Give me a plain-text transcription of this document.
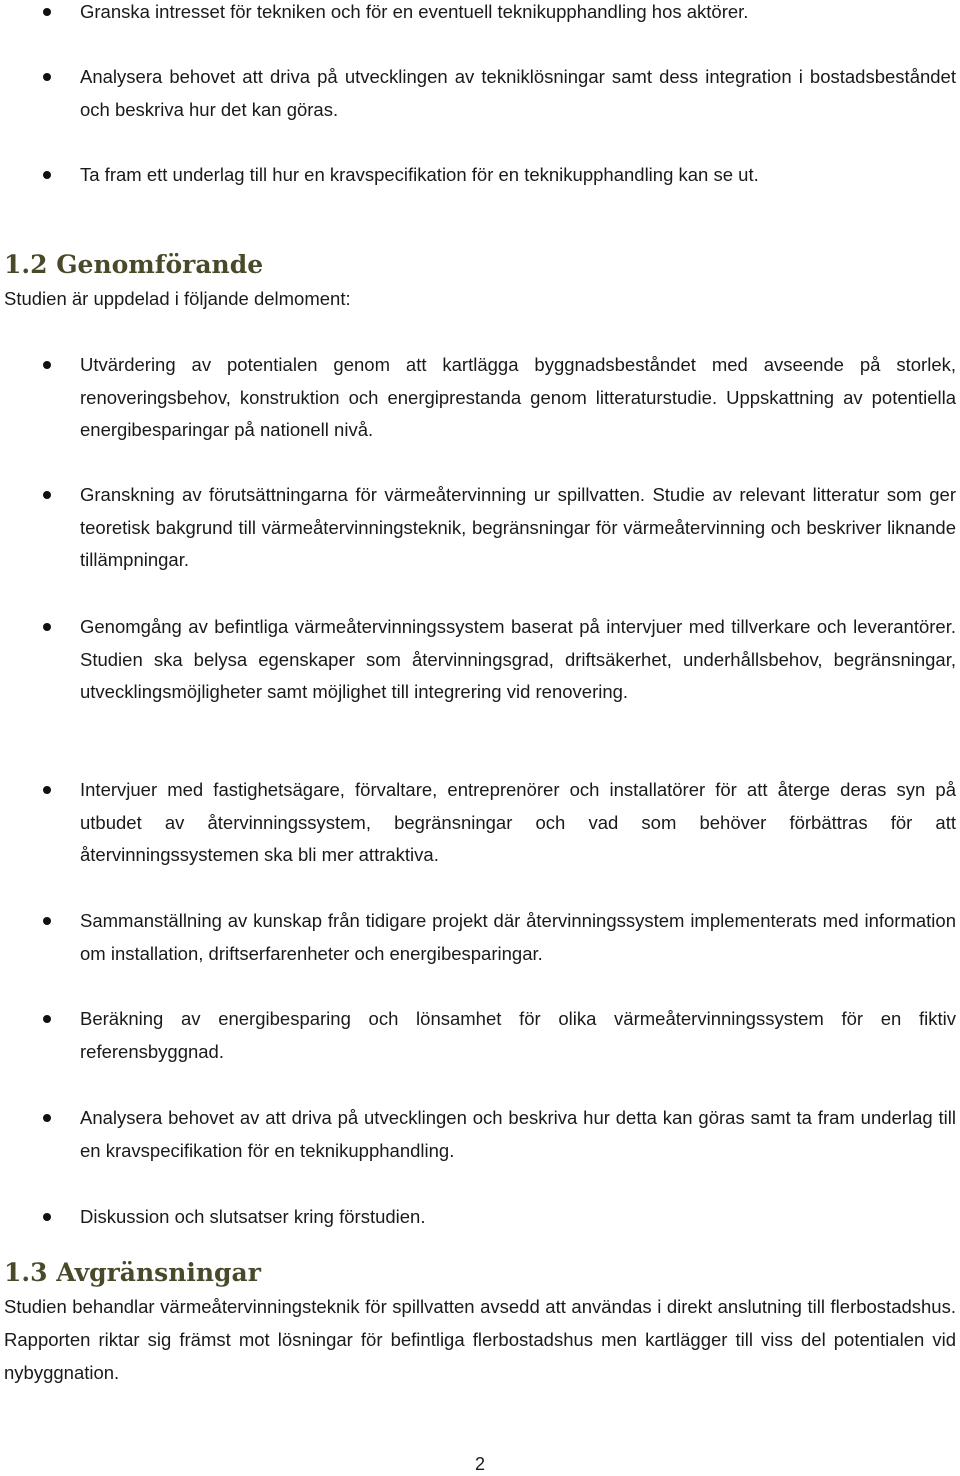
Granska intresset för tekniken och för en eventuell teknikupphandling hos aktörer.
Analysera behovet att driva på utvecklingen av tekniklösningar samt dess integration i bostadsbeståndet och beskriva hur det kan göras.
Ta fram ett underlag till hur en kravspecifikation för en teknikupphandling kan se ut.
1.2 Genomförande

Studien är uppdelad i följande delmoment:

Utvärdering av potentialen genom att kartlägga byggnadsbeståndet med avseende på storlek, renoveringsbehov, konstruktion och energiprestanda genom litteraturstudie. Uppskattning av potentiella energibesparingar på nationell nivå.
Granskning av förutsättningarna för värmeåtervinning ur spillvatten. Studie av relevant litteratur som ger teoretisk bakgrund till värmeåtervinningsteknik, begränsningar för värmeåtervinning och beskriver liknande tillämpningar.
Genomgång av befintliga värmeåtervinningssystem baserat på intervjuer med tillverkare och leverantörer. Studien ska belysa egenskaper som återvinningsgrad, driftsäkerhet, underhållsbehov, begränsningar, utvecklingsmöjligheter samt möjlighet till integrering vid renovering.
Intervjuer med fastighetsägare, förvaltare, entreprenörer och installatörer för att återge deras syn på utbudet av återvinningssystem, begränsningar och vad som behöver förbättras för att återvinningssystemen ska bli mer attraktiva.
Sammanställning av kunskap från tidigare projekt där återvinningssystem implementerats med information om installation, driftserfarenheter och energibesparingar.
Beräkning av energibesparing och lönsamhet för olika värmeåtervinningssystem för en fiktiv referensbyggnad.
Analysera behovet av att driva på utvecklingen och beskriva hur detta kan göras samt ta fram underlag till en kravspecifikation för en teknikupphandling.
Diskussion och slutsatser kring förstudien.
1.3 Avgränsningar

Studien behandlar värmeåtervinningsteknik för spillvatten avsedd att användas i direkt anslutning till flerbostadshus. Rapporten riktar sig främst mot lösningar för befintliga flerbostadshus men kartlägger till viss del potentialen vid nybyggnation.

2
